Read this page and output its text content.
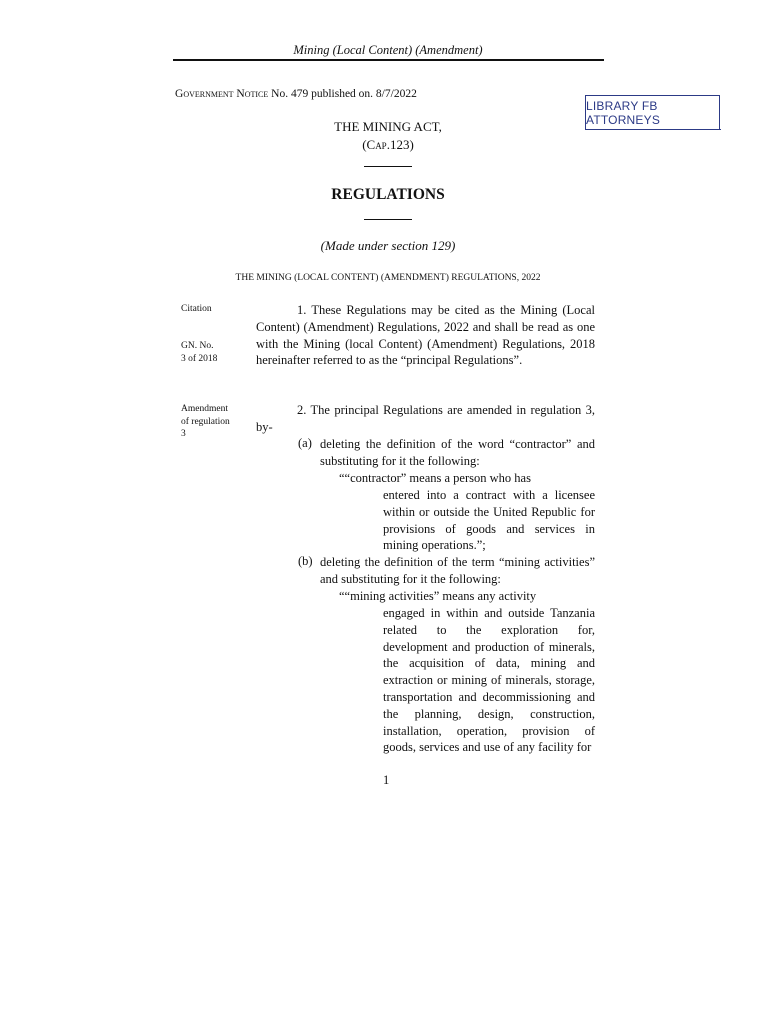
Mining (Local Content) (Amendment)
Government Notice No. 479 published on. 8/7/2022
LIBRARY FB ATTORNEYS
THE MINING ACT,
(Cap.123)
REGULATIONS
(Made under section 129)
THE MINING (LOCAL CONTENT) (AMENDMENT) REGULATIONS, 2022
Citation
GN. No.
3 of 2018
Amendment
of regulation
3
1. These Regulations may be cited as the Mining (Local Content) (Amendment) Regulations, 2022 and shall be read as one with the Mining (local Content) (Amendment) Regulations, 2018 hereinafter referred to as the “principal Regulations”.
2. The principal Regulations are amended in regulation 3, by-
(a) deleting the definition of the word “contractor” and substituting for it the following:
““contractor” means a person who has
entered into a contract with a licensee within or outside the United Republic for provisions of goods and services in mining operations.”;
(b) deleting the definition of the term “mining activities” and substituting for it the following:
““mining activities” means any activity
engaged in within and outside Tanzania related to the exploration for, development and production of minerals, the acquisition of data, mining and extraction or mining of minerals, storage, transportation and decommissioning and the planning, design, construction, installation, operation, provision of goods, services and use of any facility for
1
